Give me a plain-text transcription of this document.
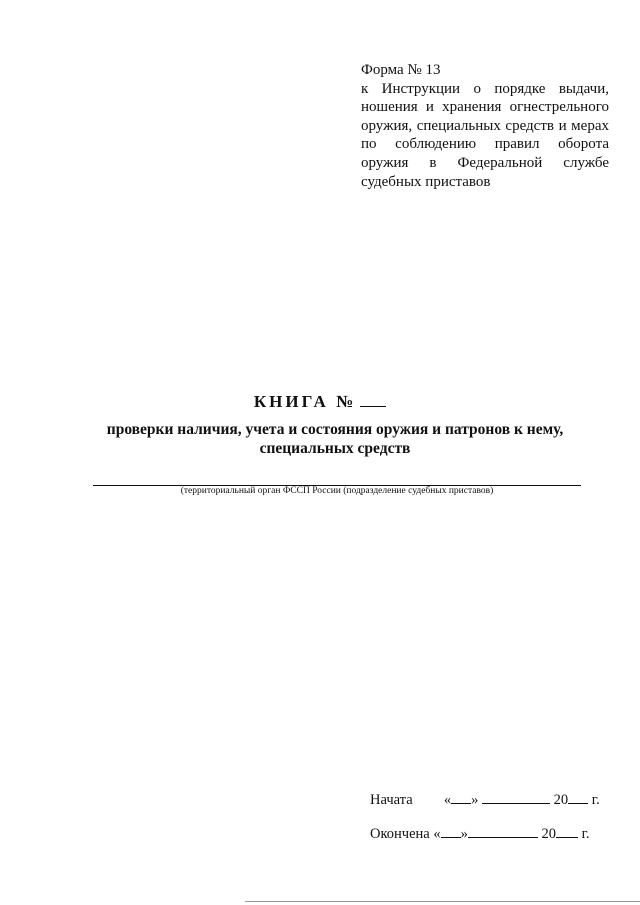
Форма № 13

к Инструкции о порядке выдачи, ношения и хранения огнестрельного оружия, специальных средств и мерах по соблюдению правил оборота оружия в Федеральной службе судебных приставов

КНИГА №
проверки наличия, учета и состояния оружия и патронов к нему,
специальных средств
(территориальный орган ФССП России (подразделение судебных приставов)
Начата « »	20 г.
Окончена « »	20 г.
